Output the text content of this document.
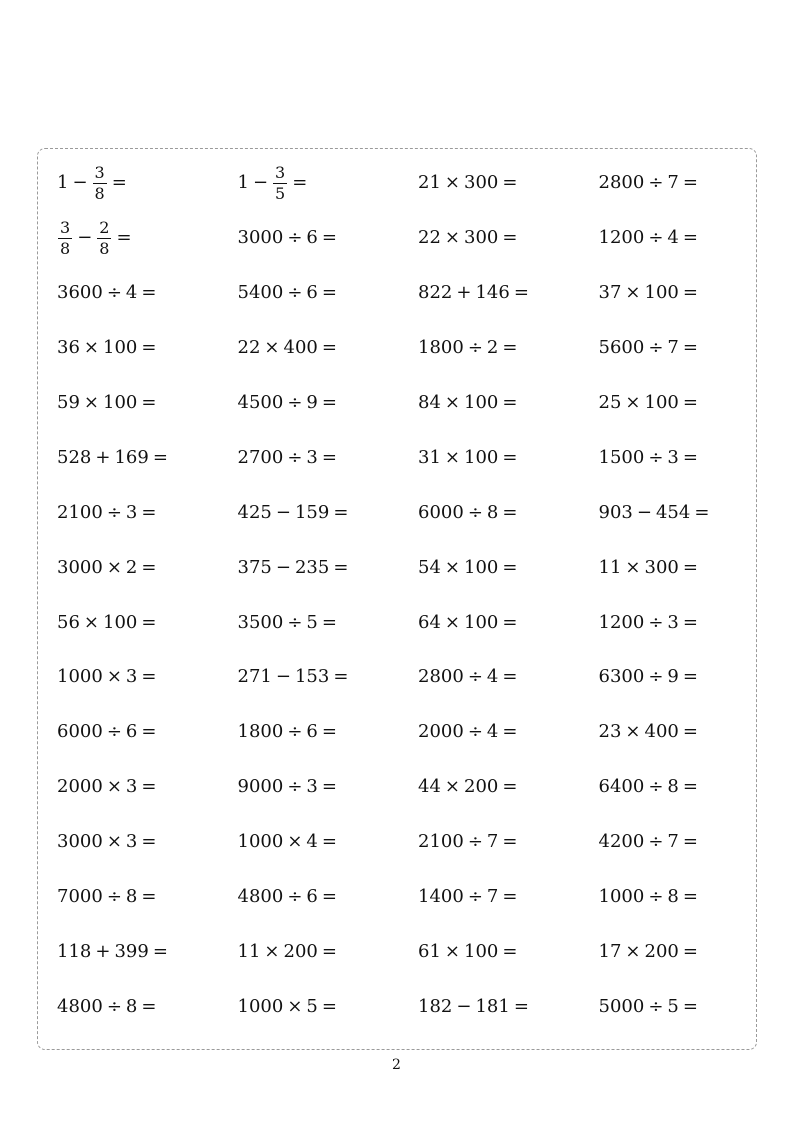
$1 - \frac{3}{8}$ =	$1 - \frac{3}{5}$ =	21 × 300 =	2800 ÷ 7 =
$\frac{3}{8} - \frac{2}{8}$ =	3000 ÷ 6 =	22 × 300 =	1200 ÷ 4 =
3600 ÷ 4 =	5400 ÷ 6 =	822 + 146 =	37 × 100 =
36 × 100 =	22 × 400 =	1800 ÷ 2 =	5600 ÷ 7 =
59 × 100 =	4500 ÷ 9 =	84 × 100 =	25 × 100 =
528 + 169 =	2700 ÷ 3 =	31 × 100 =	1500 ÷ 3 =
2100 ÷ 3 =	425 − 159 =	6000 ÷ 8 =	903 − 454 =
3000 × 2 =	375 − 235 =	54 × 100 =	11 × 300 =
56 × 100 =	3500 ÷ 5 =	64 × 100 =	1200 ÷ 3 =
1000 × 3 =	271 − 153 =	2800 ÷ 4 =	6300 ÷ 9 =
6000 ÷ 6 =	1800 ÷ 6 =	2000 ÷ 4 =	23 × 400 =
2000 × 3 =	9000 ÷ 3 =	44 × 200 =	6400 ÷ 8 =
3000 × 3 =	1000 × 4 =	2100 ÷ 7 =	4200 ÷ 7 =
7000 ÷ 8 =	4800 ÷ 6 =	1400 ÷ 7 =	1000 ÷ 8 =
118 + 399 =	11 × 200 =	61 × 100 =	17 × 200 =
4800 ÷ 8 =	1000 × 5 =	182 − 181 =	5000 ÷ 5 =
2
